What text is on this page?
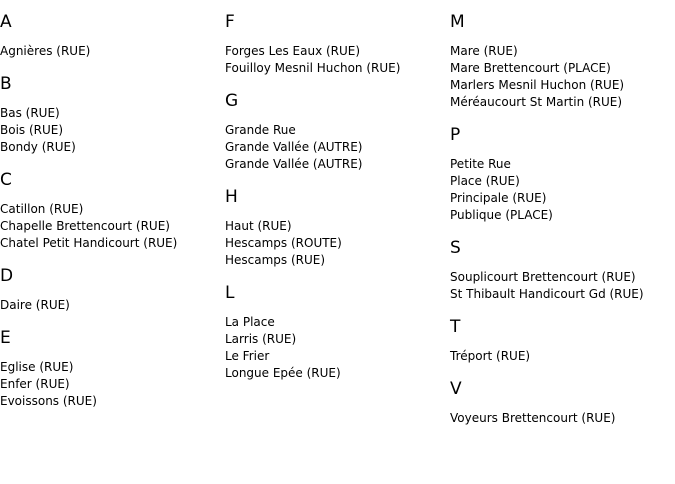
A
Agnières (RUE)
B
Bas (RUE)
Bois (RUE)
Bondy (RUE)
C
Catillon (RUE)
Chapelle Brettencourt (RUE)
Chatel Petit Handicourt (RUE)
D
Daire (RUE)
E
Eglise (RUE)
Enfer (RUE)
Evoissons (RUE)
F
Forges Les Eaux (RUE)
Fouilloy Mesnil Huchon (RUE)
G
Grande Rue
Grande Vallée (AUTRE)
Grande Vallée (AUTRE)
H
Haut (RUE)
Hescamps (ROUTE)
Hescamps (RUE)
L
La Place
Larris (RUE)
Le Frier
Longue Epée (RUE)
M
Mare (RUE)
Mare Brettencourt (PLACE)
Marlers Mesnil Huchon (RUE)
Méréaucourt St Martin (RUE)
P
Petite Rue
Place (RUE)
Principale (RUE)
Publique (PLACE)
S
Souplicourt Brettencourt (RUE)
St Thibault Handicourt Gd (RUE)
T
Tréport (RUE)
V
Voyeurs Brettencourt (RUE)
